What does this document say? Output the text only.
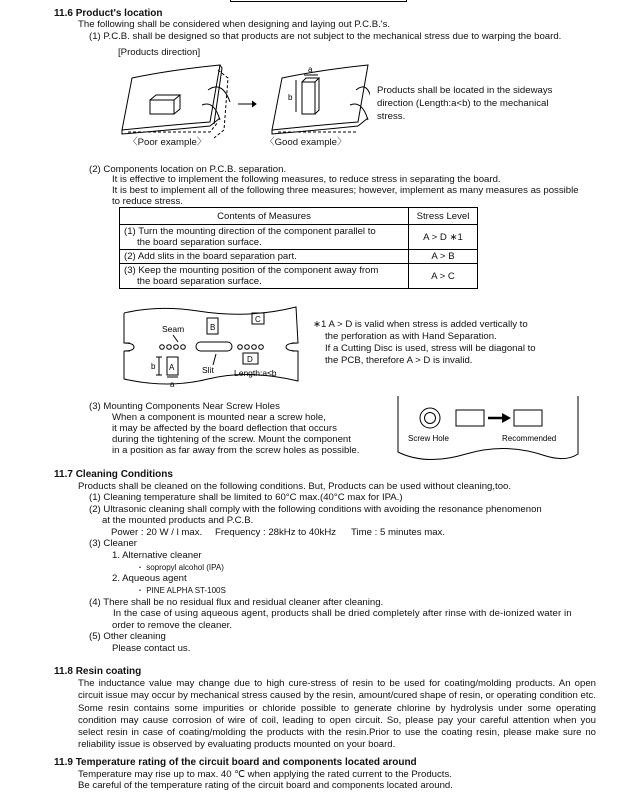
11.6 Product's location
The following shall be considered when designing and laying out P.C.B.'s.
(1) P.C.B. shall be designed so that products are not subject to the mechanical stress due to warping the board.
[Products direction]
a
b
〈Poor example〉	〈Good example〉
Products shall be located in the sideways
direction (Length:a<b) to the mechanical
stress.
(2) Components location on P.C.B. separation.
It is effective to implement the following measures, to reduce stress in separating the board.
It is best to implement all of the following three measures; however, implement as many measures as possible
to reduce stress.
Contents of Measures	Stress Level
(1) Turn the mounting direction of the component parallel to
the board separation surface.	A > D ∗1
(2) Add slits in the board separation part.	A > B
(3) Keep the mounting position of the component away from
the board separation surface.	A > C
Seam	B
C
D
A
b
a
Slit Length:a≤b
∗1 A > D is valid when stress is added vertically to
the perforation as with Hand Separation.
If a Cutting Disc is used, stress will be diagonal to
the PCB, therefore A > D is invalid.
(3) Mounting Components Near Screw Holes
When a component is mounted near a screw hole,
it may be affected by the board deflection that occurs
during the tightening of the screw. Mount the component
in a position as far away from the screw holes as possible.
Screw Hole	Recommended
11.7 Cleaning Conditions
Products shall be cleaned on the following conditions. But, Products can be used without cleaning,too.
(1) Cleaning temperature shall be limited to 60°C max.(40°C max for IPA.)
(2) Ultrasonic cleaning shall comply with the following conditions with avoiding the resonance phenomenon
at the mounted products and P.C.B.
Power : 20 W / l max. Frequency : 28kHz to 40kHz Time : 5 minutes max.
(3) Cleaner
1. Alternative cleaner
・ sopropyl alcohol (IPA)
2. Aqueous agent
・ PINE ALPHA ST-100S
(4) There shall be no residual flux and residual cleaner after cleaning.
In the case of using aqueous agent, products shall be dried completely after rinse with de-ionized water in
order to remove the cleaner.
(5) Other cleaning
Please contact us.
11.8 Resin coating
The inductance value may change due to high cure-stress of resin to be used for coating/molding products. An open circuit issue may occur by mechanical stress caused by the resin, amount/cured shape of resin, or operating condition etc. Some resin contains some impurities or chloride possible to generate chlorine by hydrolysis under some operating condition may cause corrosion of wire of coil, leading to open circuit. So, please pay your careful attention when you select resin in case of coating/molding the products with the resin.Prior to use the coating resin, please make sure no reliability issue is observed by evaluating products mounted on your board.
11.9 Temperature rating of the circuit board and components located around
Temperature may rise up to max. 40 ℃ when applying the rated current to the Products.
Be careful of the temperature rating of the circuit board and components located around.
